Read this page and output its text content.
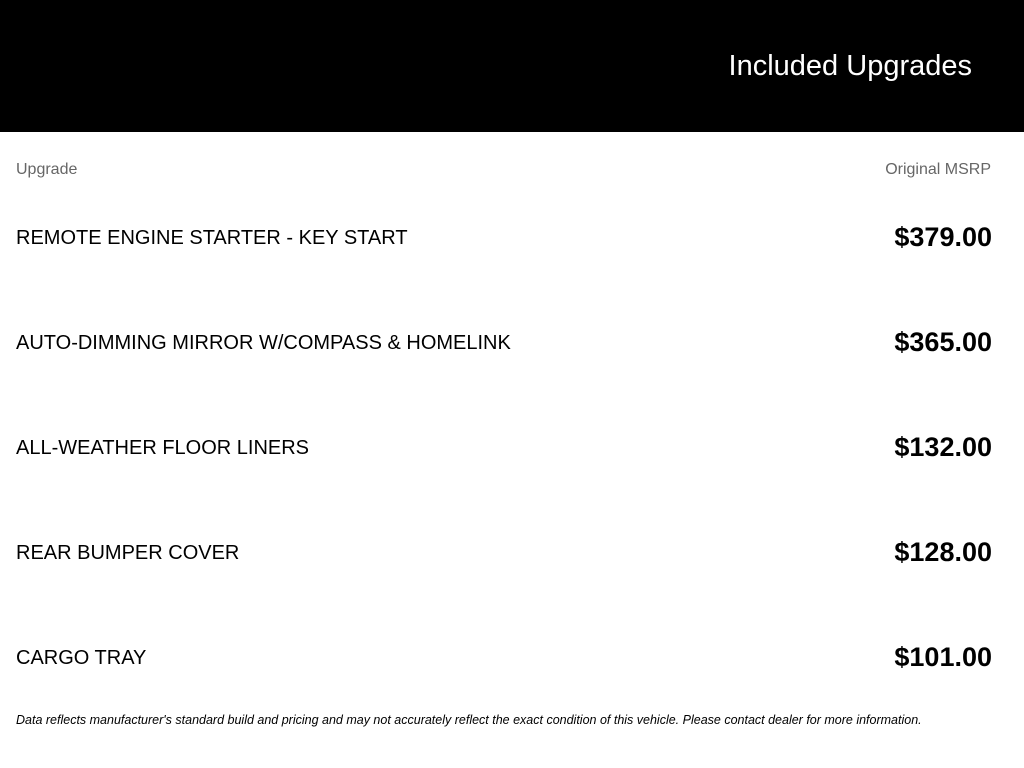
Included Upgrades
Upgrade	Original MSRP
REMOTE ENGINE STARTER - KEY START	$379.00
AUTO-DIMMING MIRROR W/COMPASS & HOMELINK	$365.00
ALL-WEATHER FLOOR LINERS	$132.00
REAR BUMPER COVER	$128.00
CARGO TRAY	$101.00
Data reflects manufacturer's standard build and pricing and may not accurately reflect the exact condition of this vehicle. Please contact dealer for more information.
